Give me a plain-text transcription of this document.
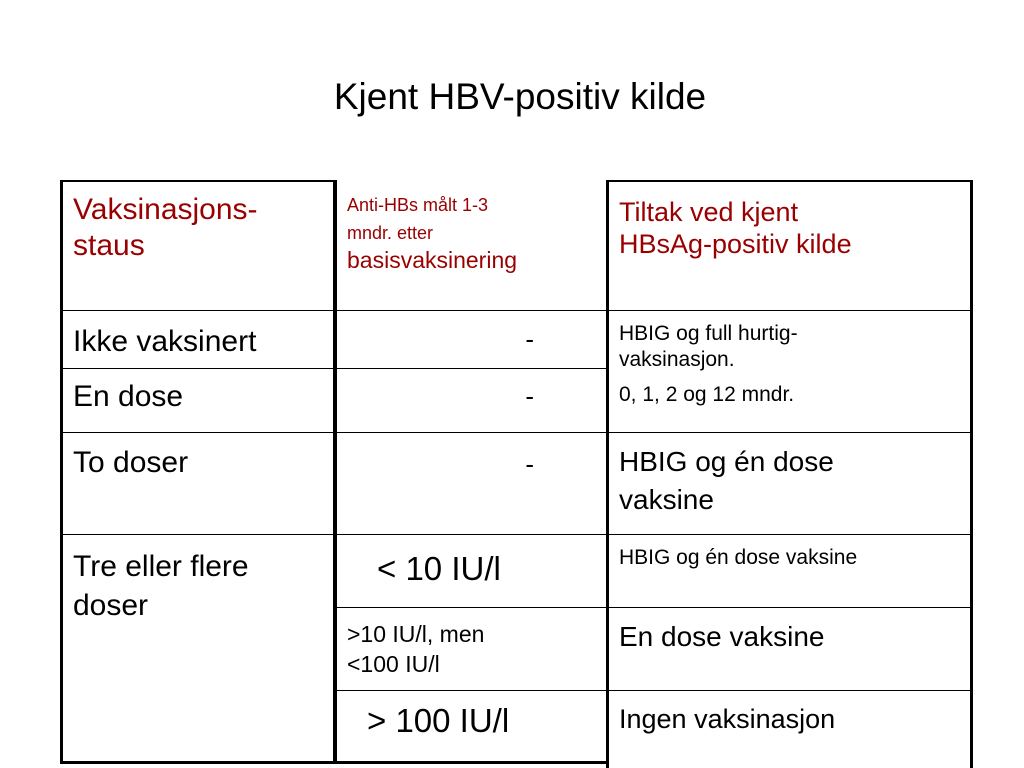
Kjent HBV-positiv kilde
Vaksinasjons-
staus
Ikke vaksinert
En dose
To doser
Tre eller flere
doser
Anti-HBs målt 1-3
mndr. etter
basisvaksinering
-
-
-
< 10 IU/l
>10 IU/l, men
<100 IU/l
> 100 IU/l
Tiltak ved kjent
HBsAg-positiv kilde
HBIG og full hurtig-
vaksinasjon.
0, 1, 2 og 12 mndr.
HBIG og én dose
vaksine
HBIG og én dose vaksine
En dose vaksine
Ingen vaksinasjon
